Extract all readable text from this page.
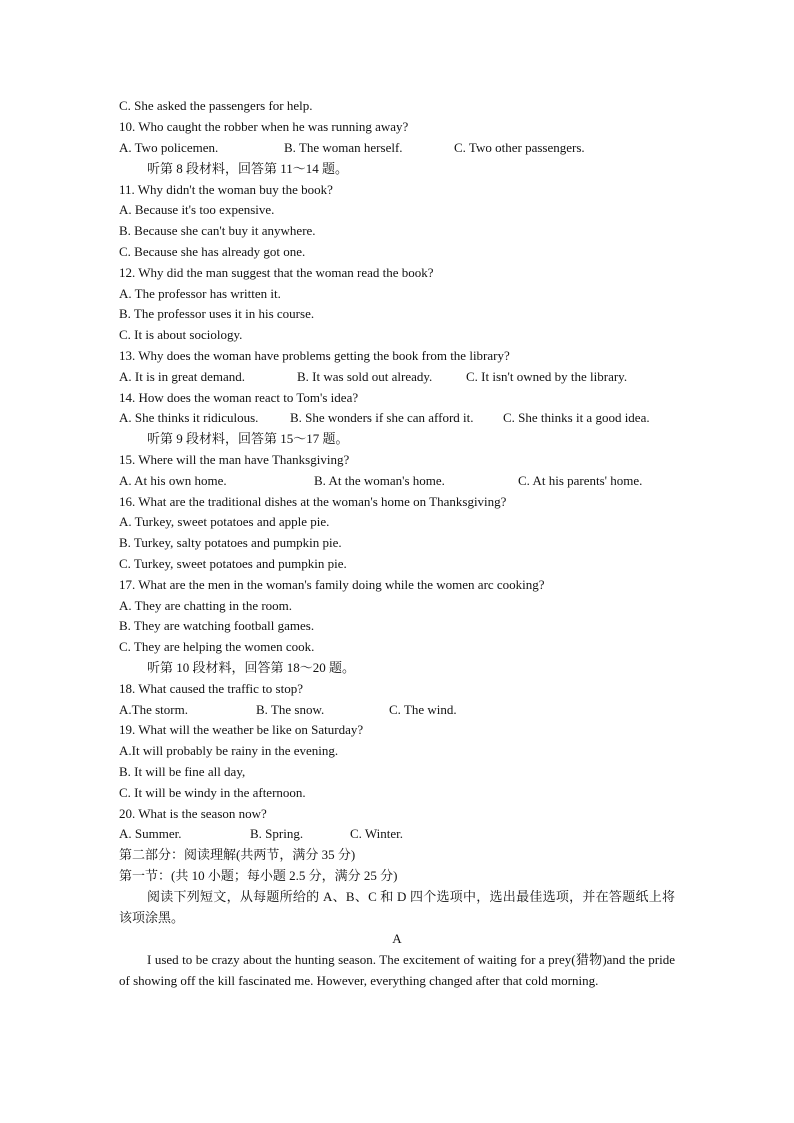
C. She asked the passengers for help.
10. Who caught the robber when he was running away?
A. Two policemen.	B. The woman herself.	C. Two other passengers.
听第 8 段材料，回答第 11～14 题。
11. Why didn't the woman buy the book?
A. Because it's too expensive.
B. Because she can't buy it anywhere.
C. Because she has already got one.
12. Why did the man suggest that the woman read the book?
A. The professor has written it.
B. The professor uses it in his course.
C. It is about sociology.
13. Why does the woman have problems getting the book from the library?
A. It is in great demand.	B. It was sold out already.	C. It isn't owned by the library.
14. How does the woman react to Tom's idea?
A. She thinks it ridiculous. B. She wonders if she can afford it. C. She thinks it a good idea.
听第 9 段材料，回答第 15～17 题。
15. Where will the man have Thanksgiving?
A. At his own home.	B. At the woman's home.	C. At his parents' home.
16. What are the traditional dishes at the woman's home on Thanksgiving?
A. Turkey, sweet potatoes and apple pie.
B. Turkey, salty potatoes and pumpkin pie.
C. Turkey, sweet potatoes and pumpkin pie.
17. What are the men in the woman's family doing while the women arc cooking?
A. They are chatting in the room.
B. They are watching football games.
C. They are helping the women cook.
听第 10 段材料，回答第 18～20 题。
18. What caused the traffic to stop?
A.The storm.	B. The snow.	C. The wind.
19. What will the weather be like on Saturday?
A.It will probably be rainy in the evening.
B. It will be fine all day,
C. It will be windy in the afternoon.
20. What is the season now?
A. Summer.	B. Spring.	C. Winter.
第二部分：阅读理解(共两节，满分 35 分)
第一节：(共 10 小题；每小题 2.5 分，满分 25 分)
阅读下列短文，从每题所给的 A、B、C 和 D 四个选项中，选出最佳选项，并在答题纸上将该项涂黑。
A
I used to be crazy about the hunting season. The excitement of waiting for a prey(猎物)and the pride of showing off the kill fascinated me. However, everything changed after that cold morning.
